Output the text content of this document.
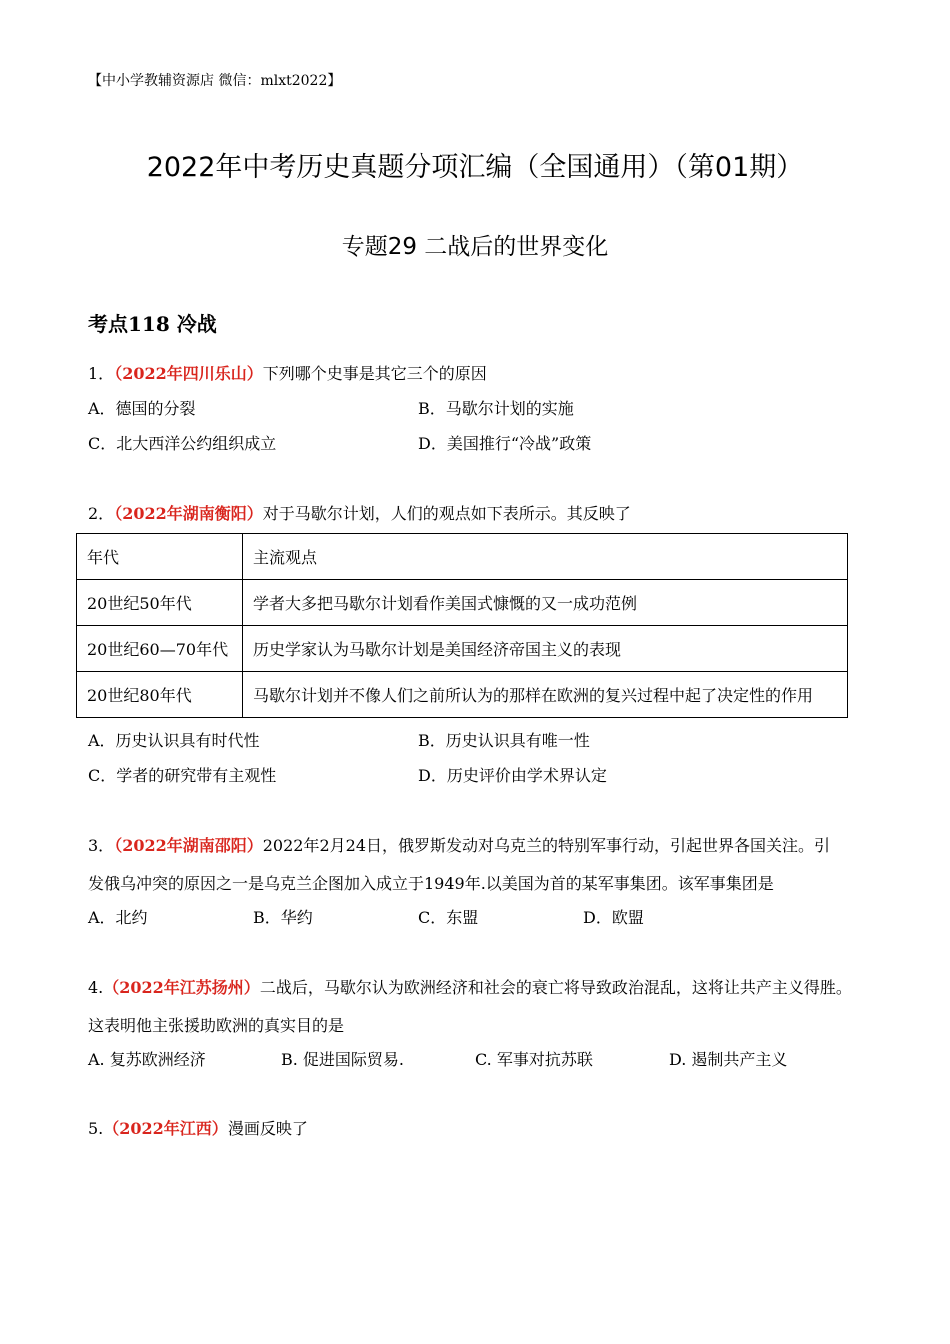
【中小学教辅资源店 微信：mlxt2022】
2022年中考历史真题分项汇编（全国通用）（第01期）
专题29 二战后的世界变化
考点118 冷战
1．（2022年四川乐山）下列哪个史事是其它三个的原因
A．德国的分裂	B．马歇尔计划的实施
C．北大西洋公约组织成立	D．美国推行“冷战”政策
2．（2022年湖南衡阳）对于马歇尔计划，人们的观点如下表所示。其反映了
年代	主流观点
20世纪50年代	学者大多把马歇尔计划看作美国式慷慨的又一成功范例
20世纪60—70年代	历史学家认为马歇尔计划是美国经济帝国主义的表现
20世纪80年代	马歇尔计划并不像人们之前所认为的那样在欧洲的复兴过程中起了决定性的作用
A．历史认识具有时代性	B．历史认识具有唯一性
C．学者的研究带有主观性	D．历史评价由学术界认定
3．（2022年湖南邵阳）2022年2月24日，俄罗斯发动对乌克兰的特别军事行动，引起世界各国关注。引
发俄乌冲突的原因之一是乌克兰企图加入成立于1949年.以美国为首的某军事集团。该军事集团是
A．北约	B．华约	C．东盟	D．欧盟
4.（2022年江苏扬州）二战后，马歇尔认为欧洲经济和社会的衰亡将导致政治混乱，这将让共产主义得胜。
这表明他主张援助欧洲的真实目的是
A. 复苏欧洲经济	B. 促进国际贸易.	C. 军事对抗苏联	D. 遏制共产主义
5.（2022年江西）漫画反映了
